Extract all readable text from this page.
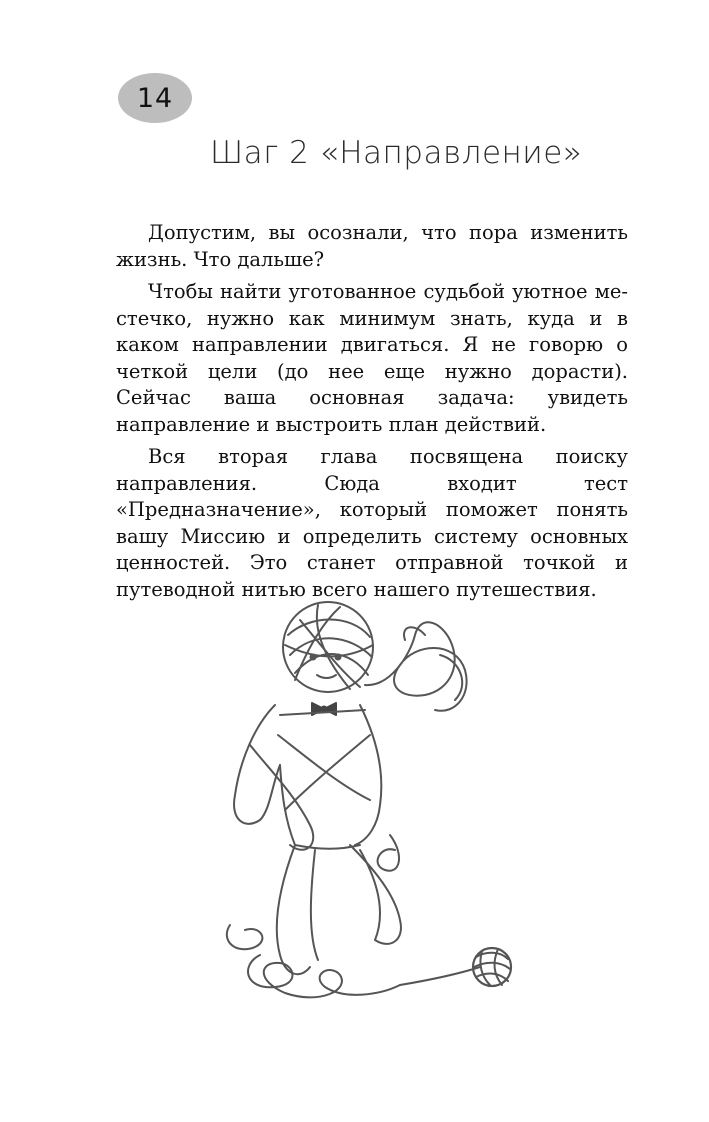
14
Шаг 2 «Направление»

Допустим, вы осознали, что пора изменить жизнь. Что дальше?

Чтобы найти уготованное судьбой уютное местечко, нужно как минимум знать, куда и в каком направлении двигаться. Я не говорю о четкой цели (до нее еще нужно дорасти). Сейчас ваша основная задача: увидеть направление и выстроить план действий.

Вся вторая глава посвящена поиску направления. Сюда входит тест «Предназначение», который поможет понять вашу Миссию и определить систему основных ценностей. Это станет отправной точкой и путеводной нитью всего нашего путешествия.
